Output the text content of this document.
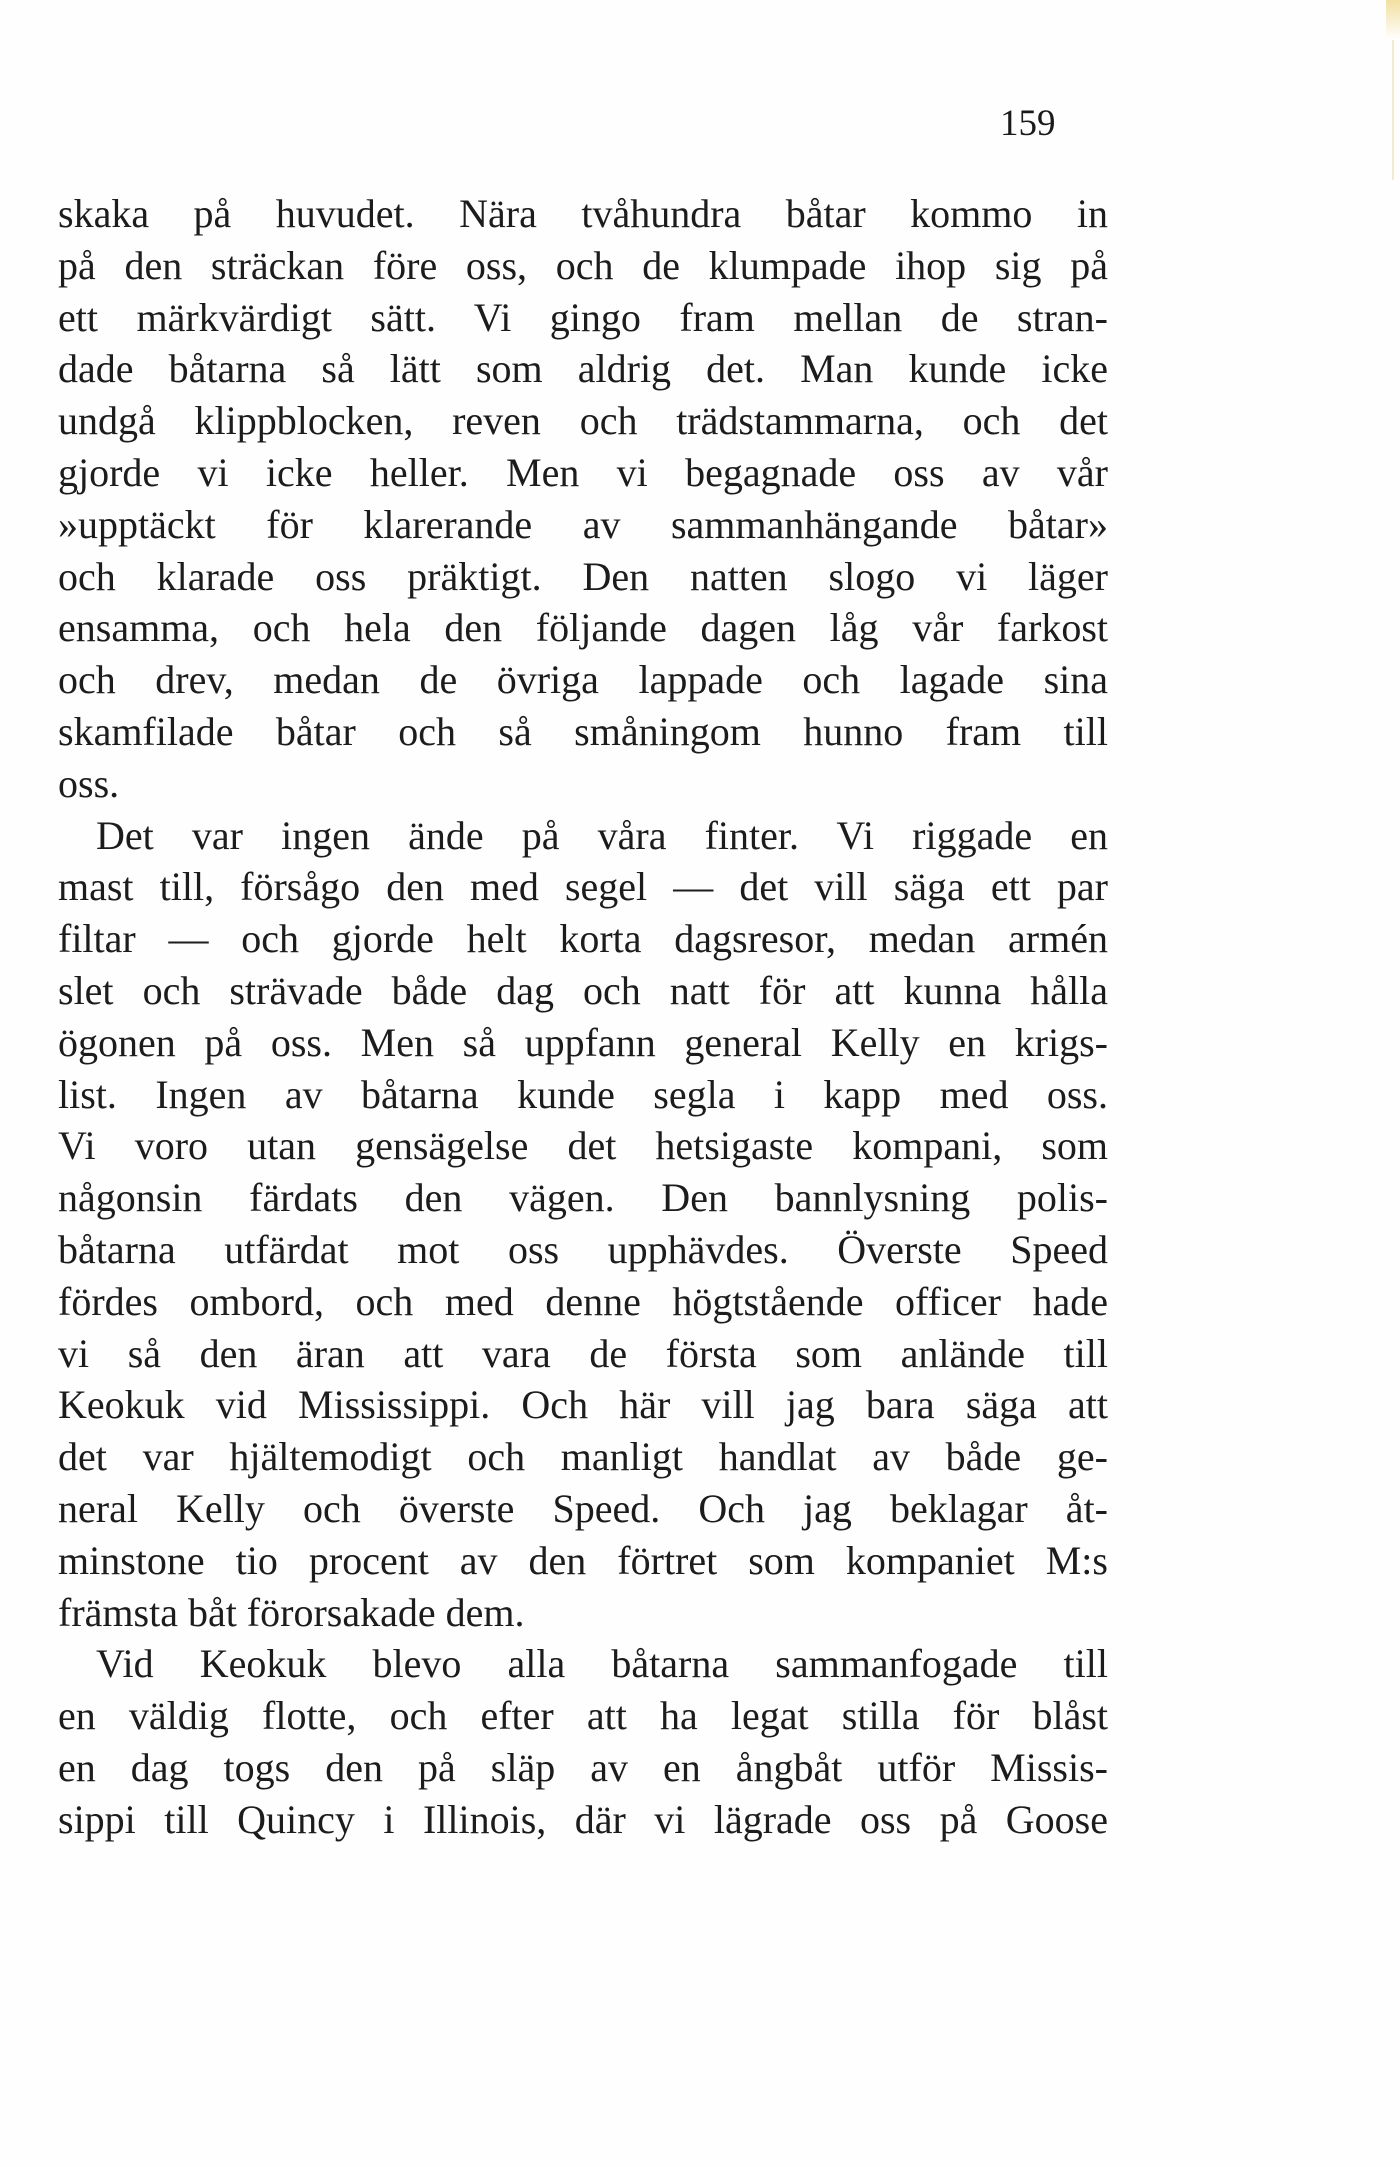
159
skaka på huvudet. Nära tvåhundra båtar kommo in
på den sträckan före oss, och de klumpade ihop sig på
ett märkvärdigt sätt. Vi gingo fram mellan de stran-
dade båtarna så lätt som aldrig det. Man kunde icke
undgå klippblocken, reven och trädstammarna, och det
gjorde vi icke heller. Men vi begagnade oss av vår
»upptäckt för klarerande av sammanhängande båtar»
och klarade oss präktigt. Den natten slogo vi läger
ensamma, och hela den följande dagen låg vår farkost
och drev, medan de övriga lappade och lagade sina
skamfilade båtar och så småningom hunno fram till
oss.
Det var ingen ände på våra finter. Vi riggade en
mast till, försågo den med segel — det vill säga ett par
filtar — och gjorde helt korta dagsresor, medan armén
slet och strävade både dag och natt för att kunna hålla
ögonen på oss. Men så uppfann general Kelly en krigs-
list. Ingen av båtarna kunde segla i kapp med oss.
Vi voro utan gensägelse det hetsigaste kompani, som
någonsin färdats den vägen. Den bannlysning polis-
båtarna utfärdat mot oss upphävdes. Överste Speed
fördes ombord, och med denne högtstående officer hade
vi så den äran att vara de första som anlände till
Keokuk vid Mississippi. Och här vill jag bara säga att
det var hjältemodigt och manligt handlat av både ge-
neral Kelly och överste Speed. Och jag beklagar åt-
minstone tio procent av den förtret som kompaniet M:s
främsta båt förorsakade dem.
Vid Keokuk blevo alla båtarna sammanfogade till
en väldig flotte, och efter att ha legat stilla för blåst
en dag togs den på släp av en ångbåt utför Missis-
sippi till Quincy i Illinois, där vi lägrade oss på Goose
